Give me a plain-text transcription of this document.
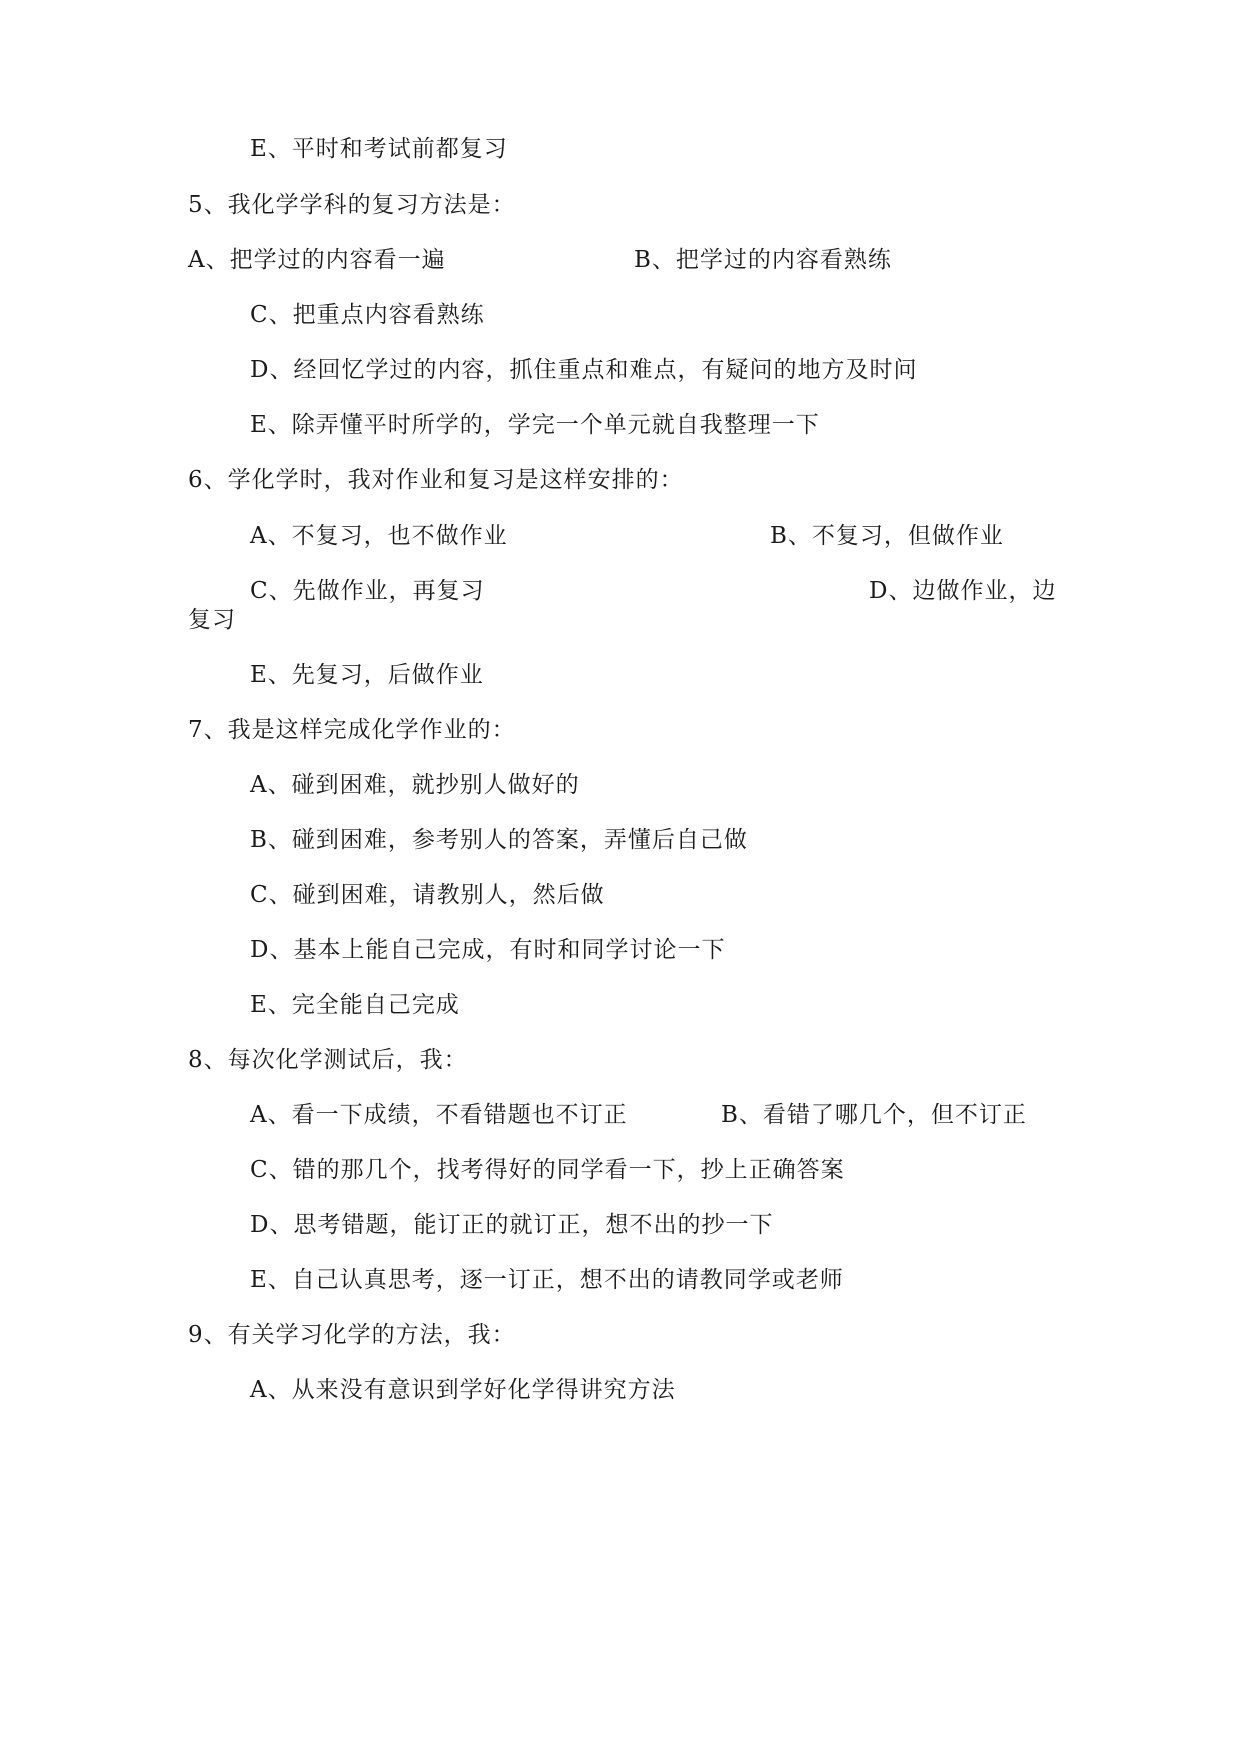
E、平时和考试前都复习
5、我化学学科的复习方法是：
A、把学过的内容看一遍	B、把学过的内容看熟练
C、把重点内容看熟练
D、经回忆学过的内容，抓住重点和难点，有疑问的地方及时问
E、除弄懂平时所学的，学完一个单元就自我整理一下
6、学化学时，我对作业和复习是这样安排的：
A、不复习，也不做作业	B、不复习，但做作业
C、先做作业，再复习	D、边做作业，边
复习
E、先复习，后做作业
7、我是这样完成化学作业的：
A、碰到困难，就抄别人做好的
B、碰到困难，参考别人的答案，弄懂后自己做
C、碰到困难，请教别人，然后做
D、基本上能自己完成，有时和同学讨论一下
E、完全能自己完成
8、每次化学测试后，我：
A、看一下成绩，不看错题也不订正	B、看错了哪几个，但不订正
C、错的那几个，找考得好的同学看一下，抄上正确答案
D、思考错题，能订正的就订正，想不出的抄一下
E、自己认真思考，逐一订正，想不出的请教同学或老师
9、有关学习化学的方法，我：
A、从来没有意识到学好化学得讲究方法
